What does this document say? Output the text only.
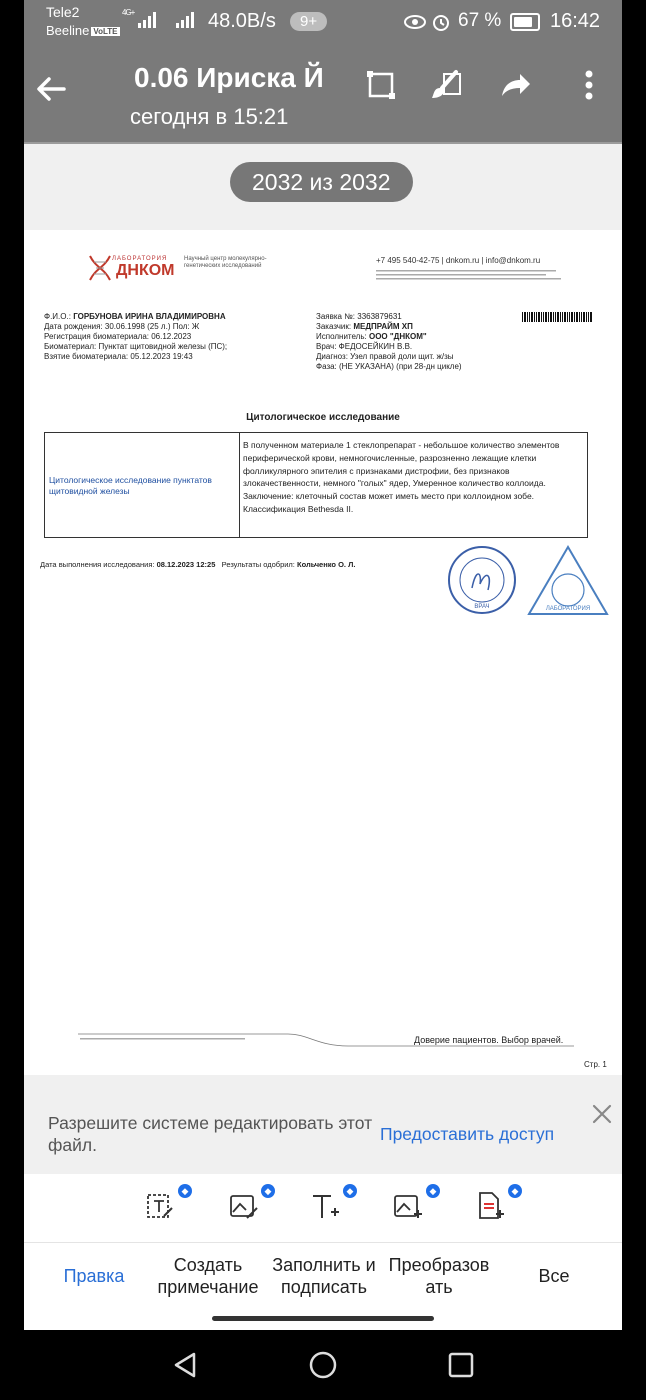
Tele2
Beeline VoLTE
4G+	48.0B/s	9+	67 % 16:42
0.06 Ириска Й
сегодня в 15:21
2032 из 2032
ЛАБОРАТОРИЯ
ДНКОМ
Научный центр молекулярно-генетических исследований
+7 495 540-42-75 | dnkom.ru | info@dnkom.ru
Ф.И.О.: ГОРБУНОВА ИРИНА ВЛАДИМИРОВНА
Дата рождения: 30.06.1998 (25 л.) Пол: Ж
Регистрация биоматериала: 06.12.2023
Биоматериал: Пунктат щитовидной железы (ПС);
Взятие биоматериала: 05.12.2023 19:43
Заявка №: 3363879631
Заказчик: МЕДПРАЙМ ХП
Исполнитель: ООО "ДНКОМ"
Врач: ФЕДОСЕЙКИН В.В.
Диагноз: Узел правой доли щит. ж/зы
Фаза: (НЕ УКАЗАНА) (при 28-дн цикле)
Цитологическое исследование
Цитологическое исследование пунктатов щитовидной железы
В полученном материале 1 стеклопрепарат - небольшое количество элементов периферической крови, немногочисленные, разрозненно лежащие клетки фолликулярного эпителия с признаками дистрофии, без признаков злокачественности, немного "голых" ядер, Умеренное количество коллоида.
Заключение: клеточный состав может иметь место при коллоидном зобе. Классификация Bethesda II.
Дата выполнения исследования: 08.12.2023 12:25 Результаты одобрил: Кольченко О. Л.
ВРАЧ	ЛАБОРАТОРИЯ
Доверие пациентов. Выбор врачей.
Стр. 1
Разрешите системе редактировать этот файл.
Предоставить доступ
◆	◆	◆	◆	◆
Правка
Создать примечание
Заполнить и подписать
Преобразов ать
Все
